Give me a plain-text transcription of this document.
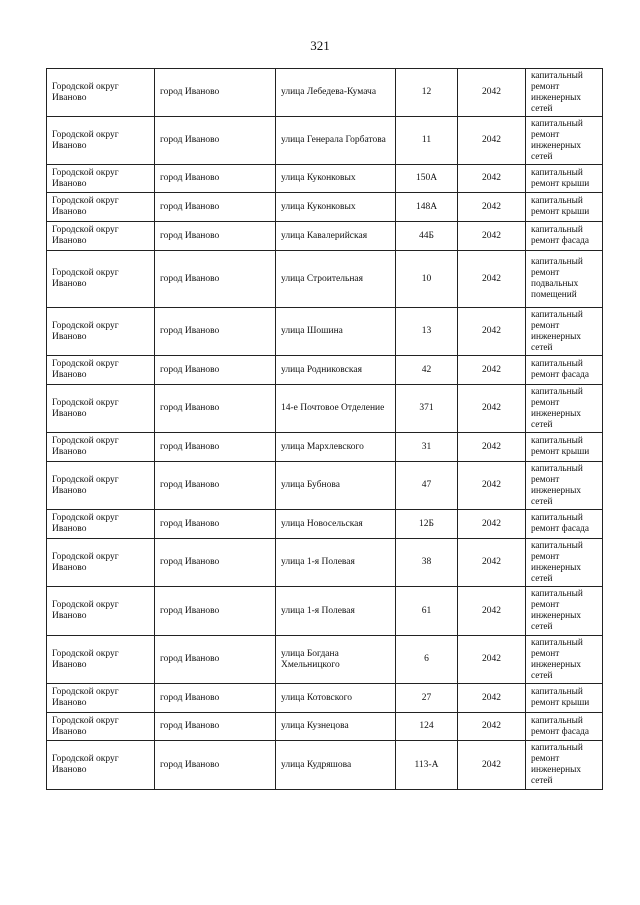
321
Городской округ Иваново	город Иваново	улица Лебедева-Кумача	12	2042	капитальный ремонт инженерных сетей
Городской округ Иваново	город Иваново	улица Генерала Горбатова	11	2042	капитальный ремонт инженерных сетей
Городской округ Иваново	город Иваново	улица Куконковых	150А	2042	капитальный ремонт крыши
Городской округ Иваново	город Иваново	улица Куконковых	148А	2042	капитальный ремонт крыши
Городской округ Иваново	город Иваново	улица Кавалерийская	44Б	2042	капитальный ремонт фасада
Городской округ Иваново	город Иваново	улица Строительная	10	2042	капитальный ремонт подвальных помещений
Городской округ Иваново	город Иваново	улица Шошина	13	2042	капитальный ремонт инженерных сетей
Городской округ Иваново	город Иваново	улица Родниковская	42	2042	капитальный ремонт фасада
Городской округ Иваново	город Иваново	14-е Почтовое Отделение	371	2042	капитальный ремонт инженерных сетей
Городской округ Иваново	город Иваново	улица Мархлевского	31	2042	капитальный ремонт крыши
Городской округ Иваново	город Иваново	улица Бубнова	47	2042	капитальный ремонт инженерных сетей
Городской округ Иваново	город Иваново	улица Новосельская	12Б	2042	капитальный ремонт фасада
Городской округ Иваново	город Иваново	улица 1-я Полевая	38	2042	капитальный ремонт инженерных сетей
Городской округ Иваново	город Иваново	улица 1-я Полевая	61	2042	капитальный ремонт инженерных сетей
Городской округ Иваново	город Иваново	улица Богдана Хмельницкого	6	2042	капитальный ремонт инженерных сетей
Городской округ Иваново	город Иваново	улица Котовского	27	2042	капитальный ремонт крыши
Городской округ Иваново	город Иваново	улица Кузнецова	124	2042	капитальный ремонт фасада
Городской округ Иваново	город Иваново	улица Кудряшова	113-А	2042	капитальный ремонт инженерных сетей
